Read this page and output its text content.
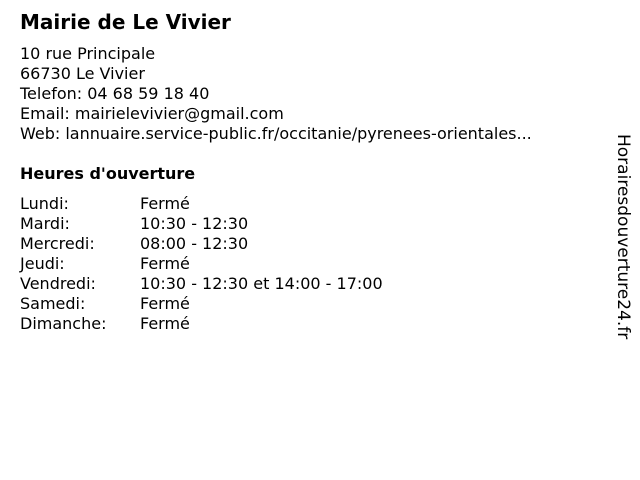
Mairie de Le Vivier
10 rue Principale
66730 Le Vivier
Telefon: 04 68 59 18 40
Email: mairielevivier@gmail.com
Web: lannuaire.service-public.fr/occitanie/pyrenees-orientales...
Heures d'ouverture
Lundi:	Fermé
Mardi:	10:30 - 12:30
Mercredi:	08:00 - 12:30
Jeudi:	Fermé
Vendredi:	10:30 - 12:30 et 14:00 - 17:00
Samedi:	Fermé
Dimanche: Fermé	Horairesdouverture24.fr
